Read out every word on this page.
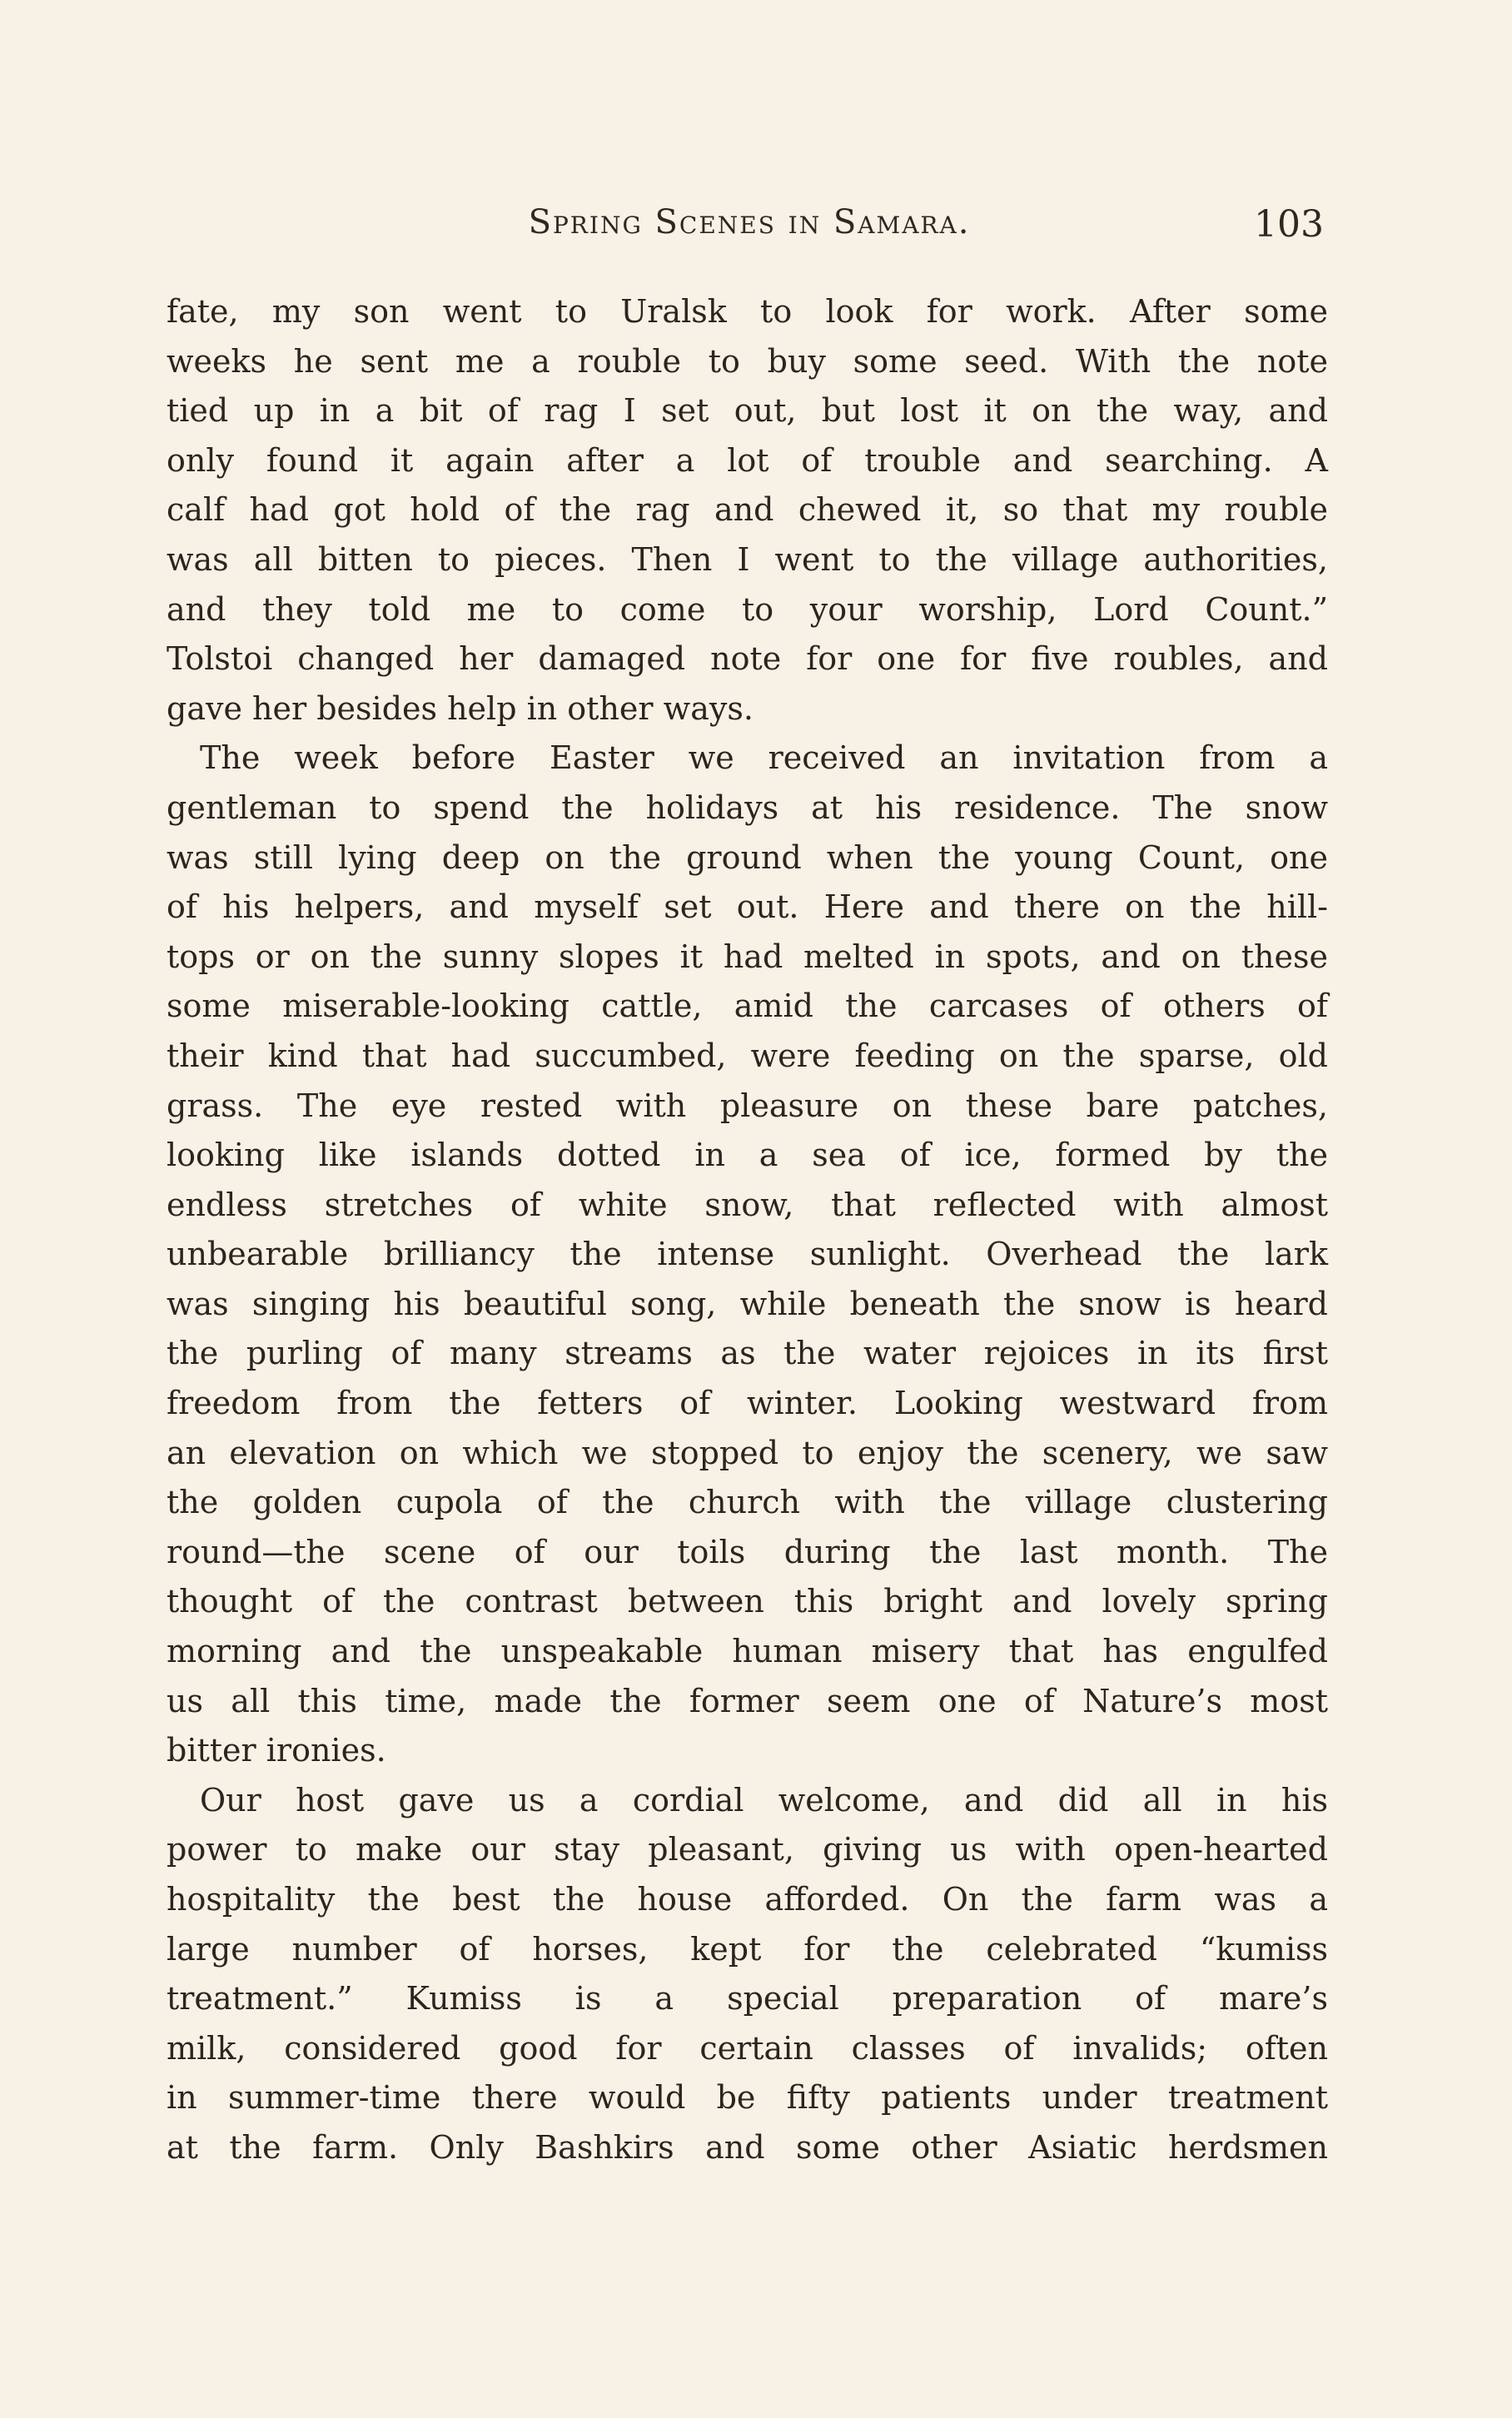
Spring Scenes in Samara.	103
fate, my son went to Uralsk to look for work. After some
weeks he sent me a rouble to buy some seed. With the note
tied up in a bit of rag I set out, but lost it on the way, and
only found it again after a lot of trouble and searching. A
calf had got hold of the rag and chewed it, so that my rouble
was all bitten to pieces. Then I went to the village authorities,
and they told me to come to your worship, Lord Count.”
Tolstoi changed her damaged note for one for five roubles, and
gave her besides help in other ways.
The week before Easter we received an invitation from a
gentleman to spend the holidays at his residence. The snow
was still lying deep on the ground when the young Count, one
of his helpers, and myself set out. Here and there on the hill-
tops or on the sunny slopes it had melted in spots, and on these
some miserable-looking cattle, amid the carcases of others of
their kind that had succumbed, were feeding on the sparse, old
grass. The eye rested with pleasure on these bare patches,
looking like islands dotted in a sea of ice, formed by the
endless stretches of white snow, that reflected with almost
unbearable brilliancy the intense sunlight. Overhead the lark
was singing his beautiful song, while beneath the snow is heard
the purling of many streams as the water rejoices in its first
freedom from the fetters of winter. Looking westward from
an elevation on which we stopped to enjoy the scenery, we saw
the golden cupola of the church with the village clustering
round—the scene of our toils during the last month. The
thought of the contrast between this bright and lovely spring
morning and the unspeakable human misery that has engulfed
us all this time, made the former seem one of Nature’s most
bitter ironies.
Our host gave us a cordial welcome, and did all in his
power to make our stay pleasant, giving us with open-hearted
hospitality the best the house afforded. On the farm was a
large number of horses, kept for the celebrated “kumiss
treatment.” Kumiss is a special preparation of mare’s
milk, considered good for certain classes of invalids; often
in summer-time there would be fifty patients under treatment
at the farm. Only Bashkirs and some other Asiatic herdsmen
